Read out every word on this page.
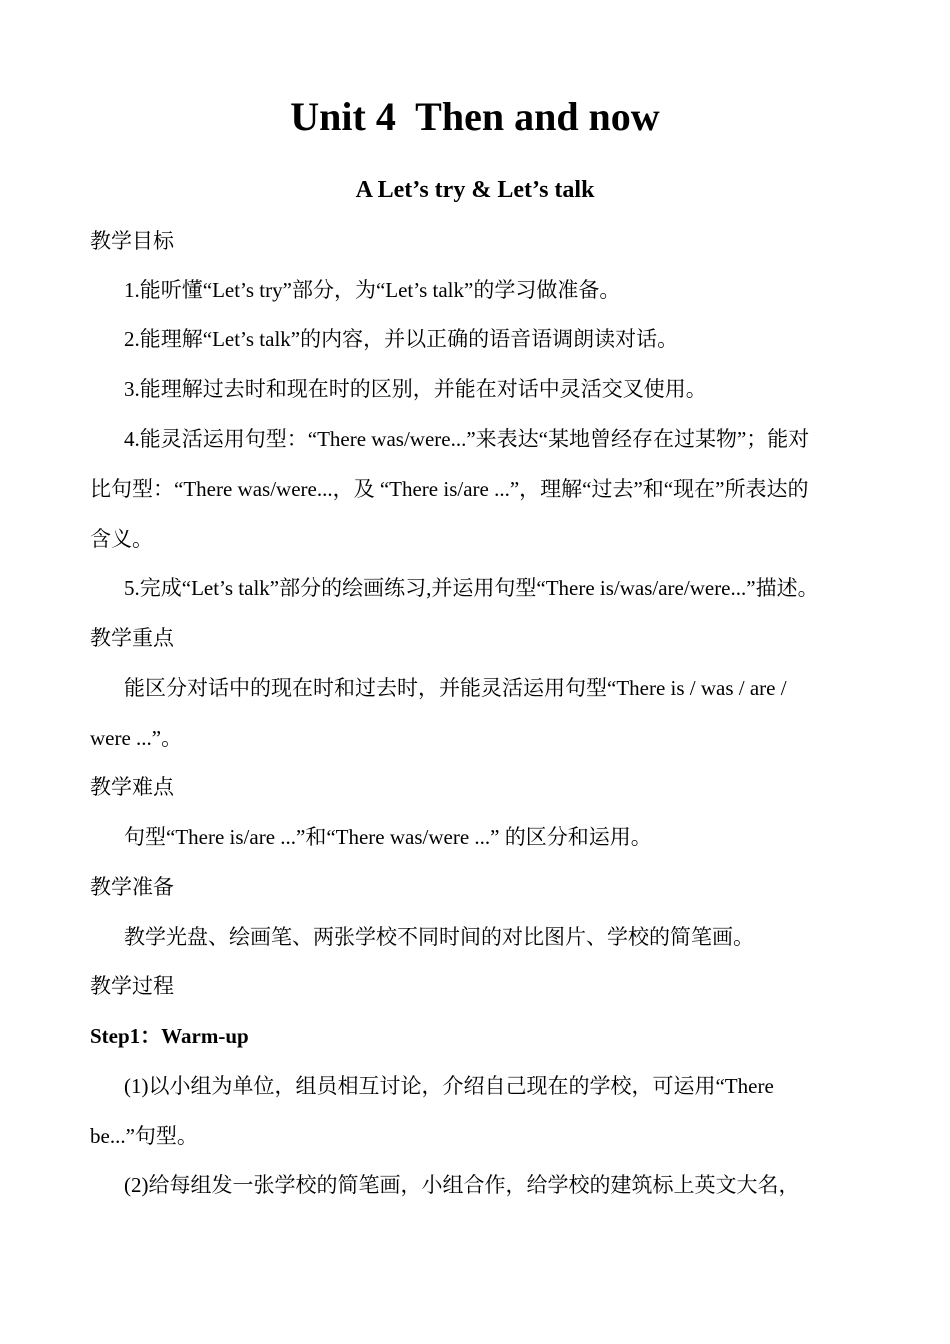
Unit 4  Then and now
A Let’s try & Let’s talk
教学目标
1.能听懂“Let’s try”部分，为“Let’s talk”的学习做准备。
2.能理解“Let’s talk”的内容，并以正确的语音语调朗读对话。
3.能理解过去时和现在时的区别，并能在对话中灵活交叉使用。
4.能灵活运用句型：“There was/were...”来表达“某地曾经存在过某物”；能对
比句型：“There was/were...，及 “There is/are ...”，理解“过去”和“现在”所表达的
含义。
5.完成“Let’s talk”部分的绘画练习,并运用句型“There is/was/are/were...”描述。
教学重点
能区分对话中的现在时和过去时，并能灵活运用句型“There is / was / are /
were ...”。
教学难点
句型“There is/are ...”和“There was/were ...” 的区分和运用。
教学准备
教学光盘、绘画笔、两张学校不同时间的对比图片、学校的简笔画。
教学过程
Step1：Warm-up
(1)以小组为单位，组员相互讨论，介绍自己现在的学校，可运用“There
be...”句型。
(2)给每组发一张学校的简笔画，小组合作，给学校的建筑标上英文大名，
